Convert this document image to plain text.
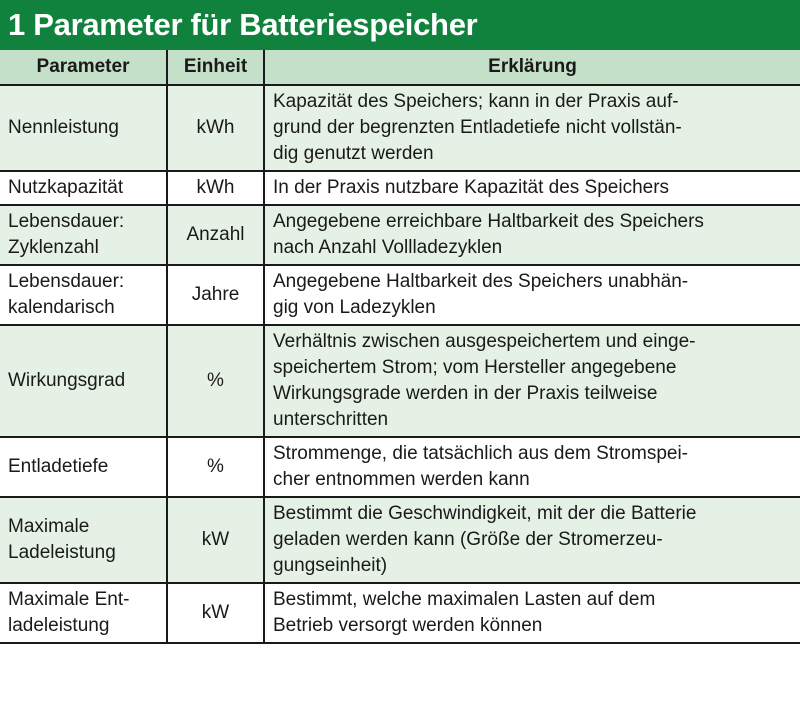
1 Parameter für Batteriespeicher
Parameter	Einheit	Erklärung
Nennleistung	kWh	Kapazität des Speichers; kann in der Praxis auf-
grund der begrenzten Entladetiefe nicht vollstän-
dig genutzt werden
Nutzkapazität	kWh	In der Praxis nutzbare Kapazität des Speichers
Lebensdauer:
Zyklenzahl	Anzahl	Angegebene erreichbare Haltbarkeit des Speichers
nach Anzahl Vollladezyklen
Lebensdauer:
kalendarisch	Jahre	Angegebene Haltbarkeit des Speichers unabhän-
gig von Ladezyklen
Wirkungsgrad	%	Verhältnis zwischen ausgespeichertem und einge-
speichertem Strom; vom Hersteller angegebene
Wirkungsgrade werden in der Praxis teilweise
unterschritten
Entladetiefe	%	Strommenge, die tatsächlich aus dem Stromspei-
cher entnommen werden kann
Maximale
Ladeleistung	kW	Bestimmt die Geschwindigkeit, mit der die Batterie
geladen werden kann (Größe der Stromerzeu-
gungseinheit)
Maximale Ent-
ladeleistung	kW	Bestimmt, welche maximalen Lasten auf dem
Betrieb versorgt werden können
